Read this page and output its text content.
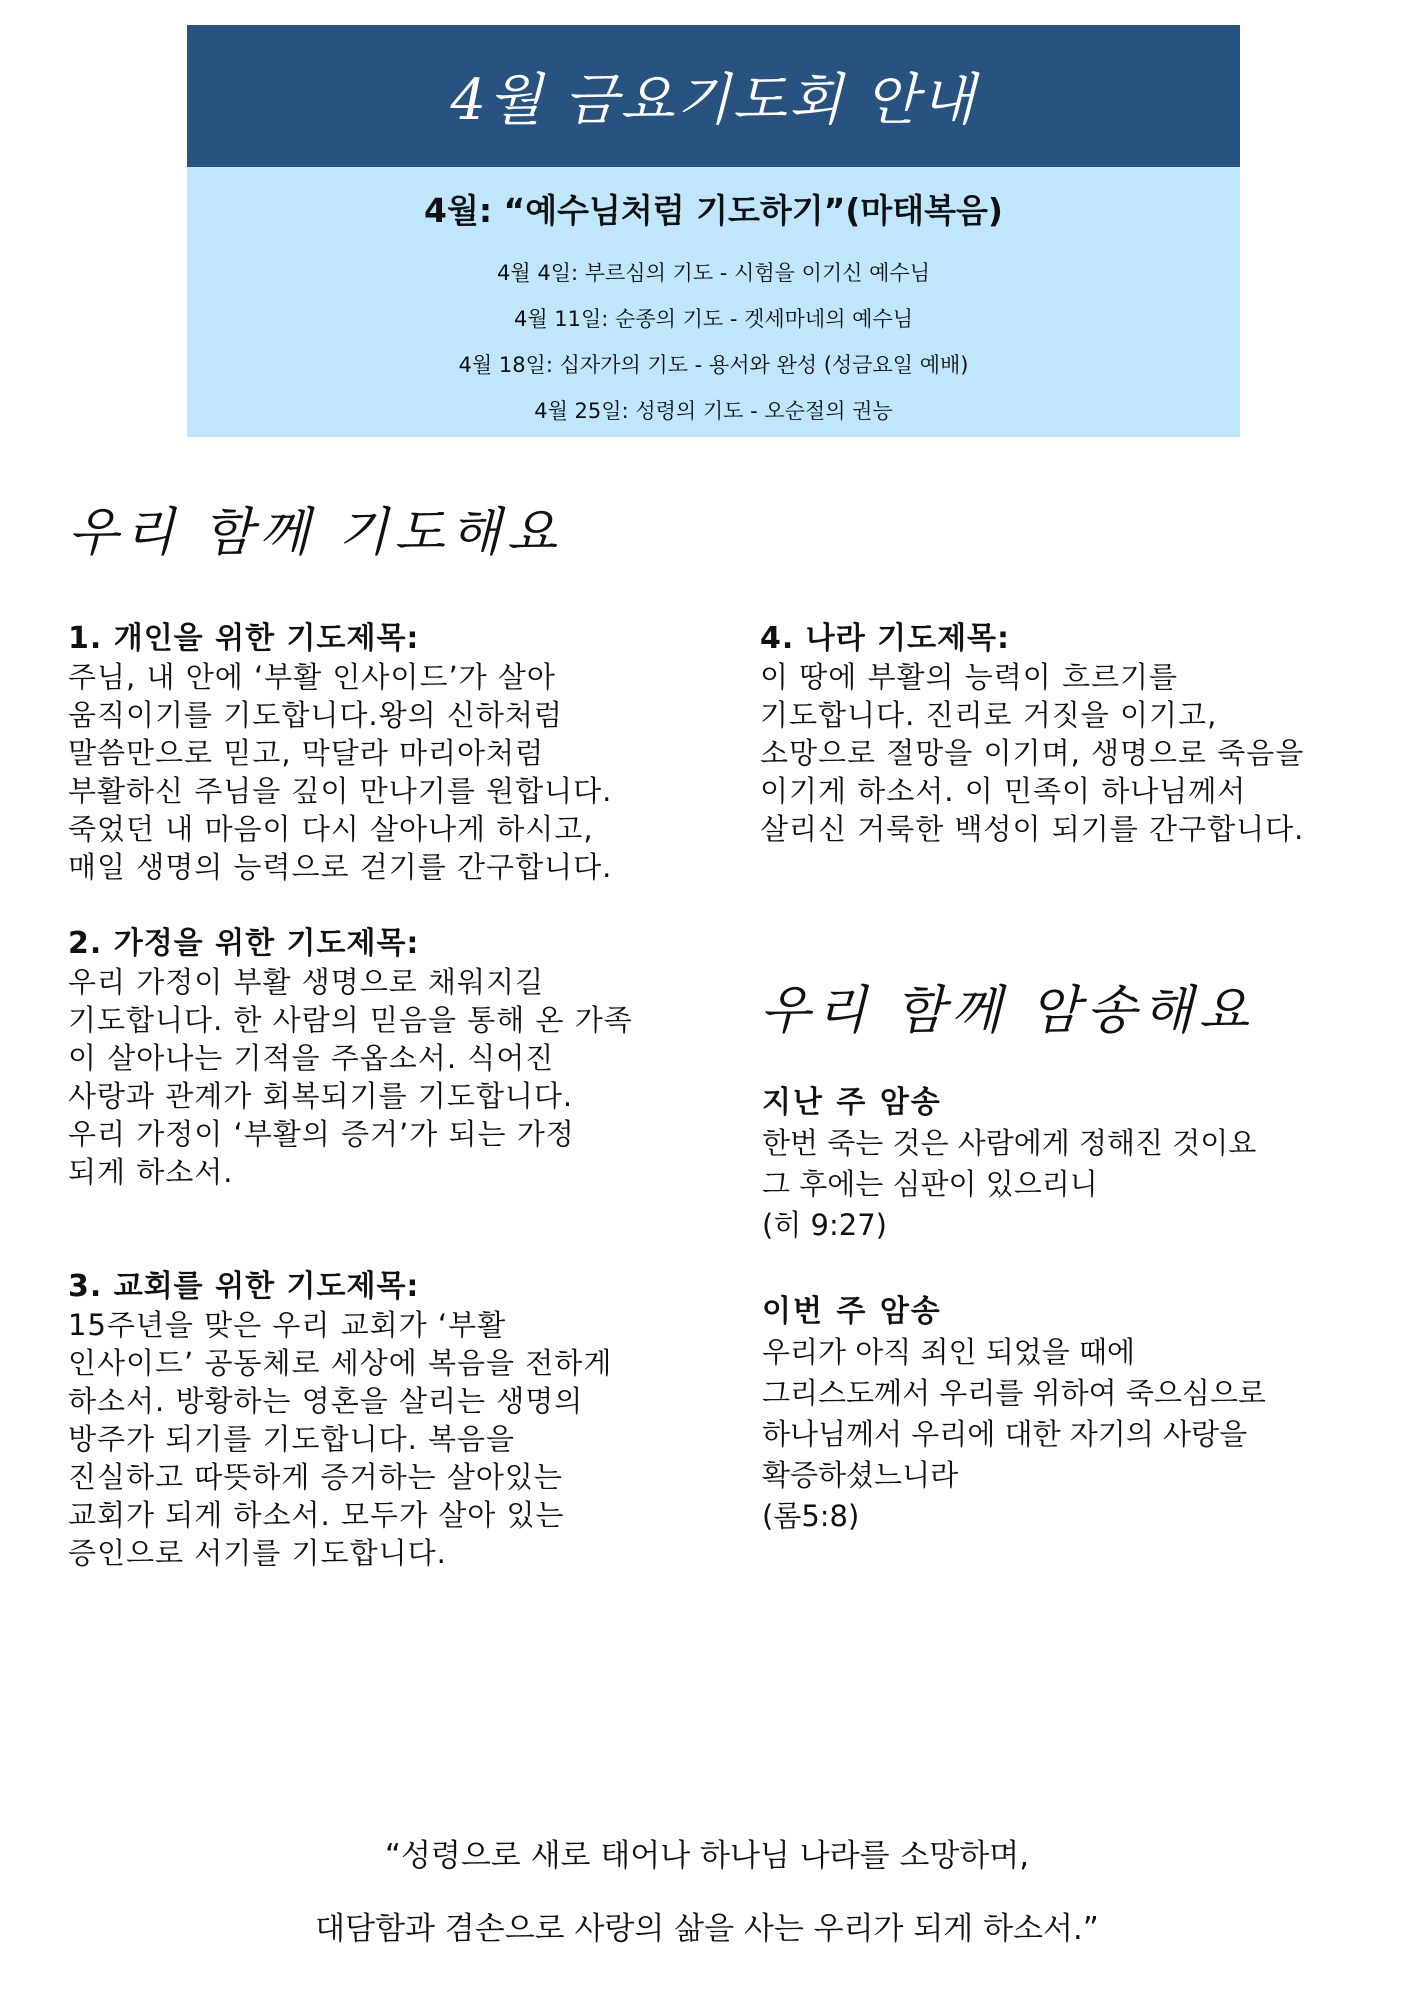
4월 금요기도회 안내
4월: “예수님처럼 기도하기”(마태복음)
4월 4일: 부르심의 기도 - 시험을 이기신 예수님
4월 11일: 순종의 기도 - 겟세마네의 예수님
4월 18일: 십자가의 기도 - 용서와 완성 (성금요일 예배)
4월 25일: 성령의 기도 - 오순절의 권능
우리 함께 기도해요
1. 개인을 위한 기도제목:
주님, 내 안에 ‘부활 인사이드’가 살아
움직이기를 기도합니다.왕의 신하처럼
말씀만으로 믿고, 막달라 마리아처럼
부활하신 주님을 깊이 만나기를 원합니다.
죽었던 내 마음이 다시 살아나게 하시고,
매일 생명의 능력으로 걷기를 간구합니다.
2. 가정을 위한 기도제목:
우리 가정이 부활 생명으로 채워지길
기도합니다. 한 사람의 믿음을 통해 온 가족
이 살아나는 기적을 주옵소서. 식어진
사랑과 관계가 회복되기를 기도합니다.
우리 가정이 ‘부활의 증거’가 되는 가정
되게 하소서.
3. 교회를 위한 기도제목:
15주년을 맞은 우리 교회가 ‘부활
인사이드’ 공동체로 세상에 복음을 전하게
하소서. 방황하는 영혼을 살리는 생명의
방주가 되기를 기도합니다. 복음을
진실하고 따뜻하게 증거하는 살아있는
교회가 되게 하소서. 모두가 살아 있는
증인으로 서기를 기도합니다.
4. 나라 기도제목:
이 땅에 부활의 능력이 흐르기를
기도합니다. 진리로 거짓을 이기고,
소망으로 절망을 이기며, 생명으로 죽음을
이기게 하소서. 이 민족이 하나님께서
살리신 거룩한 백성이 되기를 간구합니다.
우리 함께 암송해요
지난 주 암송
한번 죽는 것은 사람에게 정해진 것이요
그 후에는 심판이 있으리니
(히 9:27)
이번 주 암송
우리가 아직 죄인 되었을 때에
그리스도께서 우리를 위하여 죽으심으로
하나님께서 우리에 대한 자기의 사랑을
확증하셨느니라
(롬5:8)
“성령으로 새로 태어나 하나님 나라를 소망하며,
대담함과 겸손으로 사랑의 삶을 사는 우리가 되게 하소서.”
